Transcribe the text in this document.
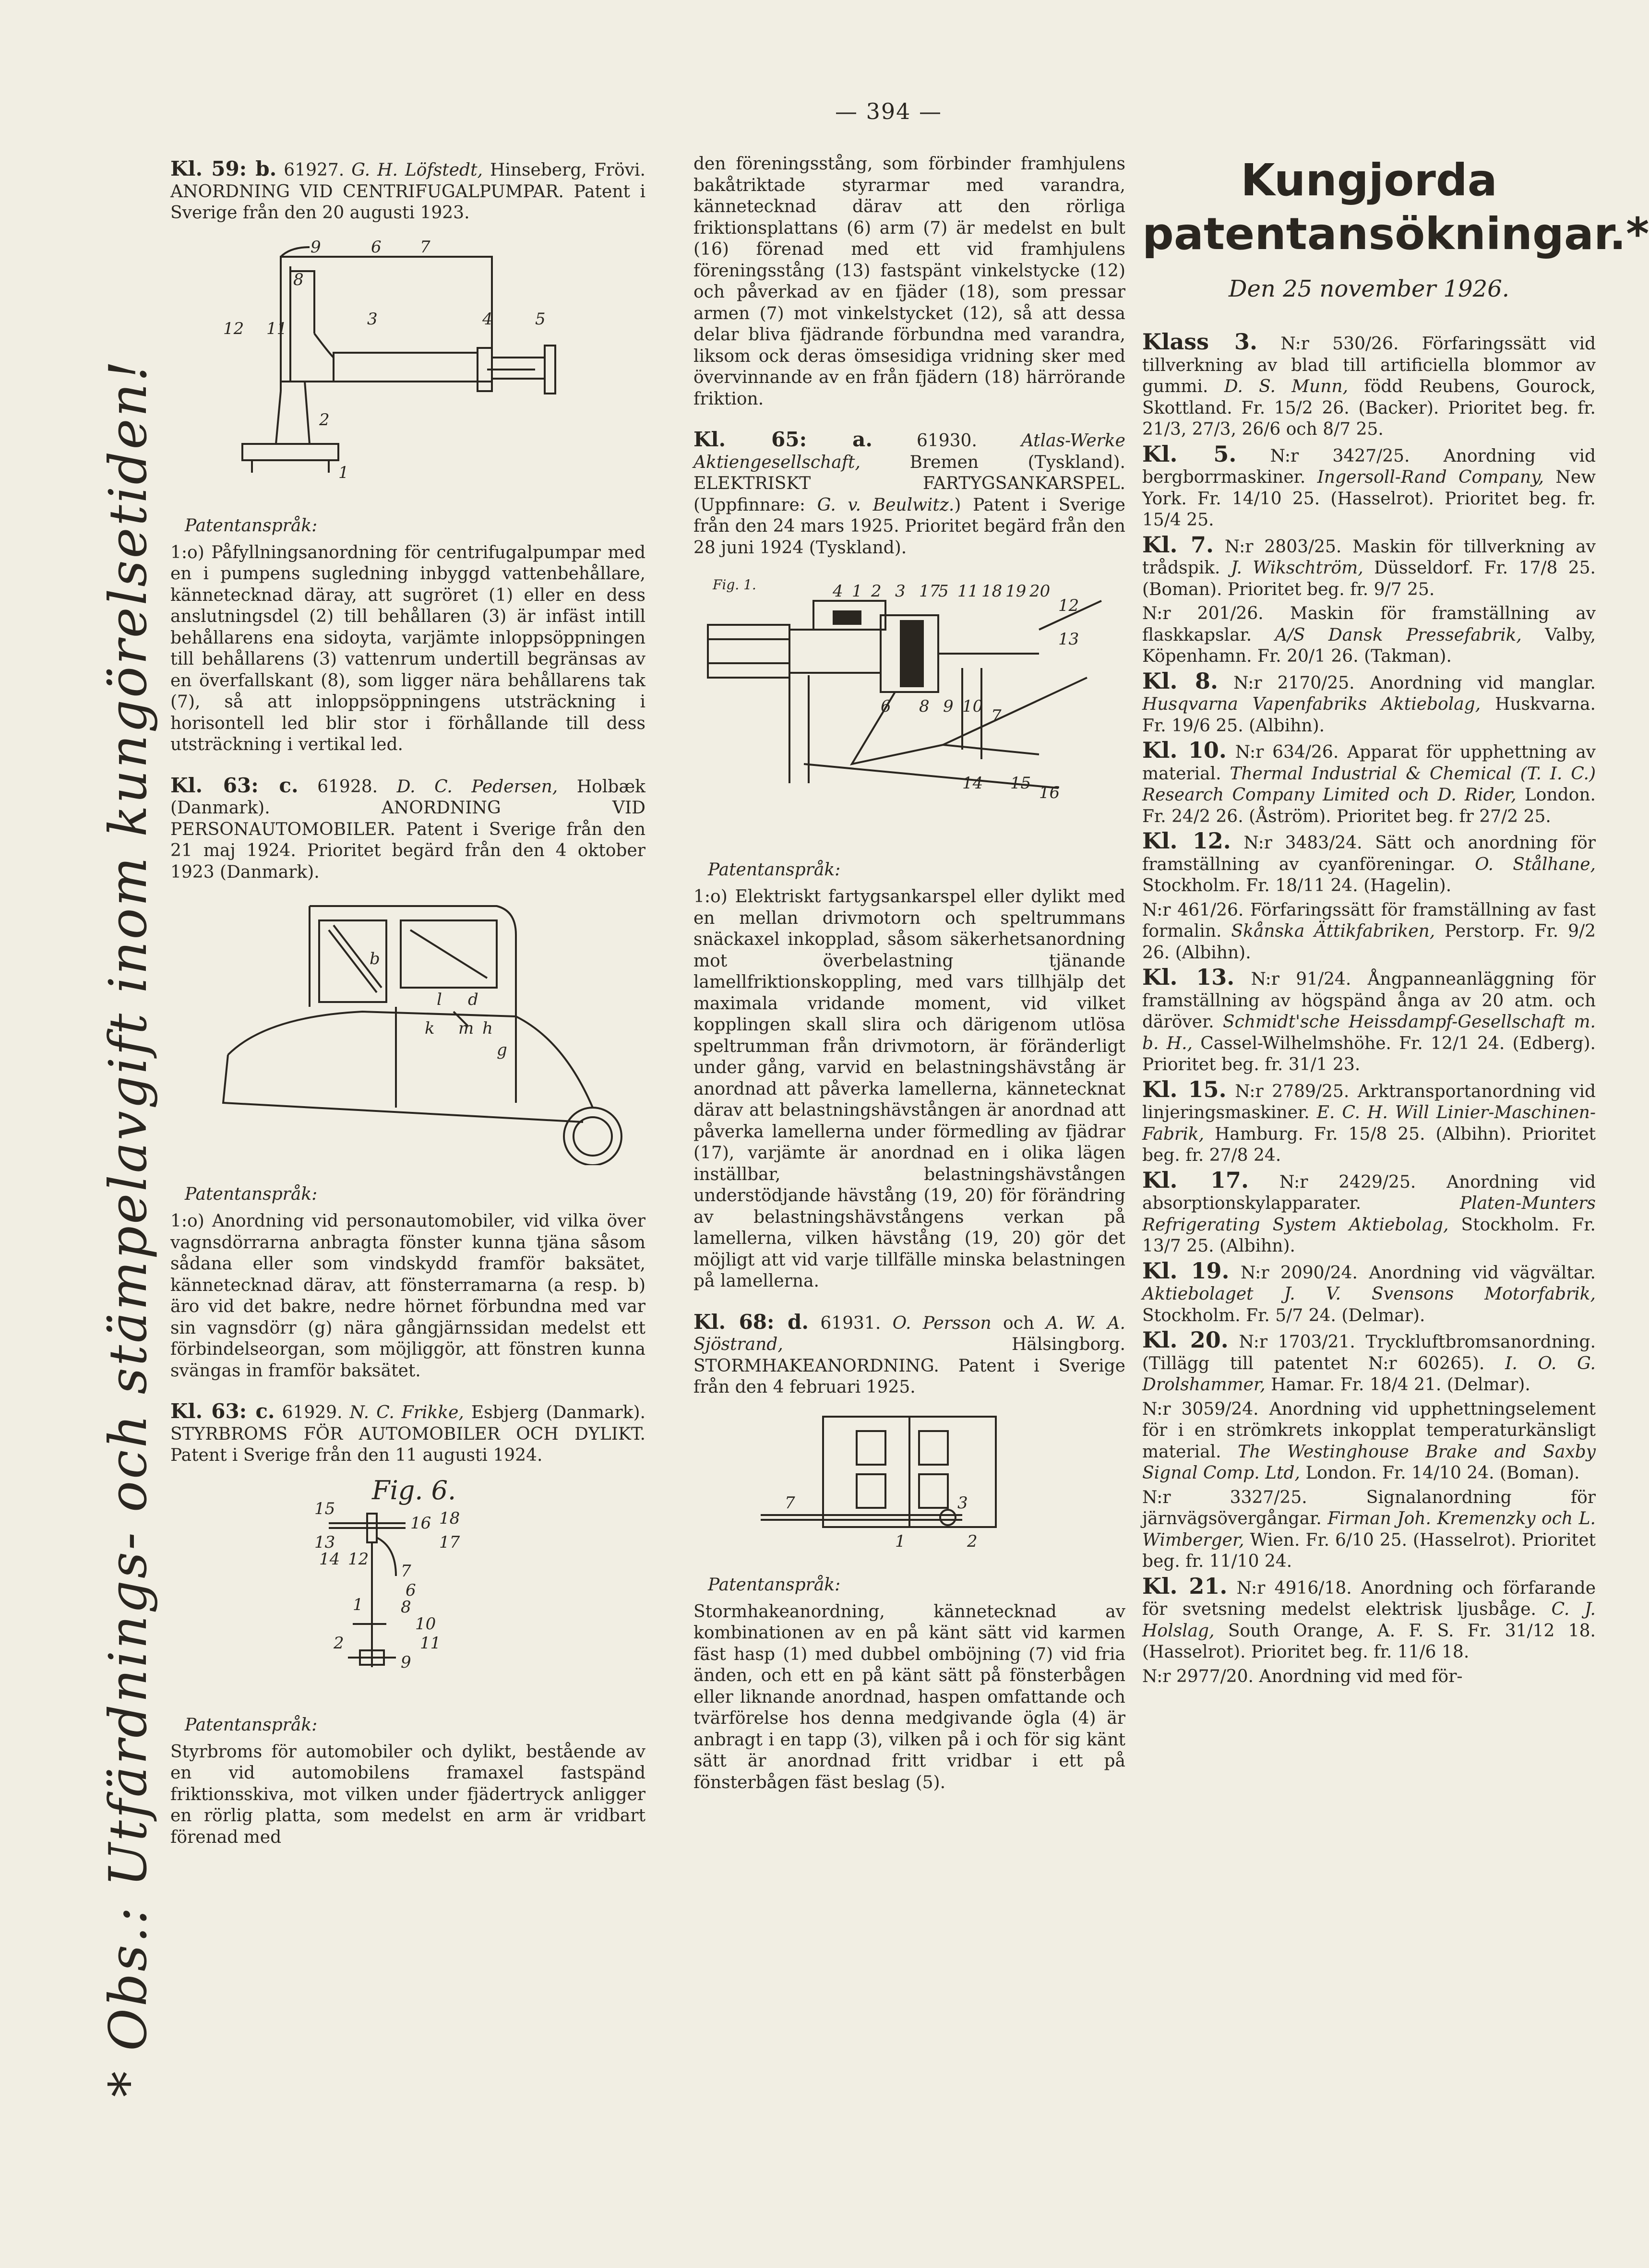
— 394 —
* Obs.: Utfärdnings- och stämpelavgift inom kungörelsetiden!

Kl. 59: b. 61927. G. H. Löfstedt, Hinseberg, Frövi. ANORDNING VID CENTRIFUGALPUMPAR. Patent i Sverige från den 20 augusti 1923.

9	6 7
8
3
12 11	4	5
2
1
Patentanspråk:

1:o) Påfyllningsanordning för centrifugalpumpar med en i pumpens sugledning inbyggd vattenbehållare, kännetecknad däray, att sugröret (1) eller en dess anslutningsdel (2) till behållaren (3) är infäst intill behållarens ena sidoyta, varjämte inloppsöppningen till behållarens (3) vattenrum undertill begränsas av en överfallskant (8), som ligger nära behållarens tak (7), så att inloppsöppningens utsträckning i horisontell led blir stor i förhållande till dess utsträckning i vertikal led.

Kl. 63: c. 61928. D. C. Pedersen, Holbæk (Danmark). ANORDNING VID PERSONAUTOMOBILER. Patent i Sverige från den 21 maj 1924. Prioritet begärd från den 4 oktober 1923 (Danmark).

b
l d
k m h
g
Patentanspråk:

1:o) Anordning vid personautomobiler, vid vilka över vagnsdörrarna anbragta fönster kunna tjäna såsom sådana eller som vindskydd framför baksätet, kännetecknad därav, att fönsterramarna (a resp. b) äro vid det bakre, nedre hörnet förbundna med var sin vagnsdörr (g) nära gångjärnssidan medelst ett förbindelseorgan, som möjliggör, att fönstren kunna svängas in framför baksätet.

Kl. 63: c. 61929. N. C. Frikke, Esbjerg (Danmark). STYRBROMS FÖR AUTOMOBILER OCH DYLIKT. Patent i Sverige från den 11 augusti 1924.

Fig. 6.
15
16 18
13	17
14 12
7
6
1 8
10
2	11
9
Patentanspråk:

Styrbroms för automobiler och dylikt, bestående av en vid automobilens framaxel fastspänd friktionsskiva, mot vilken under fjädertryck anligger en rörlig platta, som medelst en arm är vridbart förenad med

den föreningsstång, som förbinder framhjulens bakåtriktade styrarmar med varandra, kännetecknad därav att den rörliga friktionsplattans (6) arm (7) är medelst en bult (16) förenad med ett vid framhjulens föreningsstång (13) fastspänt vinkelstycke (12) och påverkad av en fjäder (18), som pressar armen (7) mot vinkelstycket (12), så att dessa delar bliva fjädrande förbundna med varandra, liksom ock deras ömsesidiga vridning sker med övervinnande av en från fjädern (18) härrörande friktion.

Kl. 65: a.	61930.	Atlas-Werke Aktiengesellschaft,	Bremen (Tyskland). ELEKTRISKT FARTYGSANKARSPEL. (Uppfinnare: G. v. Beulwitz.) Patent i Sverige från den 24 mars 1925. Prioritet begärd från den 28 juni 1924 (Tyskland).

Fig. 1.	4 1 2 3 17
5 11 18 19 20
12
13
6 8 9 10 7
14 15 16
Patentanspråk:

1:o) Elektriskt fartygsankarspel eller dylikt med en mellan drivmotorn och speltrummans snäckaxel inkopplad, såsom säkerhetsanordning mot överbelastning tjänande lamellfriktionskoppling, med vars tillhjälp det maximala vridande moment, vid vilket kopplingen skall slira och därigenom utlösa speltrumman från drivmotorn, är föränderligt under gång, varvid en belastningshävstång är anordnad att påverka lamellerna, kännetecknat därav att belastningshävstången är anordnad att påverka lamellerna under förmedling av fjädrar (17), varjämte är anordnad en i olika lägen inställbar, belastningshävstången understödjande hävstång (19, 20) för förändring av belastningshävstångens verkan på lamellerna, vilken hävstång (19, 20) gör det möjligt att vid varje tillfälle minska belastningen på lamellerna.

Kl. 68: d. 61931. O. Persson och A. W. A. Sjöstrand,	Hälsingborg. STORMHAKEANORDNING. Patent i Sverige från den 4 februari 1925.

7	3
1	2
Patentanspråk:

Stormhakeanordning, kännetecknad av kombinationen av en på känt sätt vid karmen fäst hasp (1) med dubbel omböjning (7) vid fria änden, och ett en på känt sätt på fönsterbågen eller liknande anordnad, haspen omfattande och tvärförelse hos denna medgivande ögla (4) är anbragt i en tapp (3), vilken på i och för sig känt sätt är anordnad fritt vridbar i ett på fönsterbågen fäst beslag (5).

Kungjorda patentansökningar.*
Den 25 november 1926.

Klass 3. N:r 530/26. Förfaringssätt vid tillverkning av blad till artificiella blommor av gummi. D. S. Munn, född Reubens, Gourock, Skottland. Fr. 15/2 26. (Backer). Prioritet beg. fr. 21/3, 27/3, 26/6 och 8/7 25.

Kl. 5. N:r 3427/25. Anordning vid bergborrmaskiner. Ingersoll-Rand Company, New York. Fr. 14/10 25. (Hasselrot). Prioritet beg. fr. 15/4 25.

Kl. 7. N:r 2803/25. Maskin för tillverkning av trådspik. J. Wikschtröm, Düsseldorf. Fr. 17/8 25. (Boman). Prioritet beg. fr. 9/7 25.

N:r 201/26. Maskin för framställning av flaskkapslar. A/S Dansk Pressefabrik, Valby, Köpenhamn. Fr. 20/1 26. (Takman).

Kl. 8. N:r 2170/25. Anordning vid manglar. Husqvarna Vapenfabriks Aktiebolag, Huskvarna. Fr. 19/6 25. (Albihn).

Kl. 10. N:r 634/26. Apparat för upphettning av material. Thermal Industrial & Chemical (T. I. C.) Research Company Limited och D. Rider, London. Fr. 24/2 26. (Åström). Prioritet beg. fr 27/2 25.

Kl. 12. N:r 3483/24. Sätt och anordning för framställning av cyanföreningar. O. Stålhane, Stockholm. Fr. 18/11 24. (Hagelin).

N:r 461/26. Förfaringssätt för framställning av fast formalin. Skånska Ättikfabriken, Perstorp. Fr. 9/2 26. (Albihn).

Kl. 13. N:r 91/24. Ångpanneanläggning för framställning av högspänd ånga av 20 atm. och däröver. Schmidt'sche Heissdampf-Gesellschaft m. b. H., Cassel-Wilhelmshöhe. Fr. 12/1 24. (Edberg). Prioritet beg. fr. 31/1 23.

Kl. 15. N:r 2789/25. Arktransportanordning vid linjeringsmaskiner. E. C. H. Will Linier-Maschinen-Fabrik, Hamburg. Fr. 15/8 25. (Albihn). Prioritet beg. fr. 27/8 24.

Kl. 17. N:r 2429/25. Anordning vid absorptionskylapparater.	Platen-Munters Refrigerating System Aktiebolag, Stockholm. Fr. 13/7 25. (Albihn).

Kl. 19. N:r 2090/24. Anordning vid vägvältar. Aktiebolaget J. V. Svensons Motorfabrik, Stockholm. Fr. 5/7 24. (Delmar).

Kl. 20. N:r 1703/21. Tryckluftbromsanordning. (Tillägg till patentet N:r 60265). I. O. G. Drolshammer, Hamar. Fr. 18/4 21. (Delmar).

N:r 3059/24. Anordning vid upphettningselement för i en strömkrets inkopplat temperaturkänsligt material. The Westinghouse Brake and Saxby Signal Comp. Ltd, London. Fr. 14/10 24. (Boman).

N:r 3327/25. Signalanordning för järnvägsövergångar. Firman Joh. Kremenzky och L. Wimberger, Wien. Fr. 6/10 25. (Hasselrot). Prioritet beg. fr. 11/10 24.

Kl. 21. N:r 4916/18. Anordning och förfarande för svetsning medelst elektrisk ljusbåge. C. J. Holslag, South Orange, A. F. S. Fr. 31/12 18. (Hasselrot). Prioritet beg. fr. 11/6 18.

N:r 2977/20. Anordning vid med för-
